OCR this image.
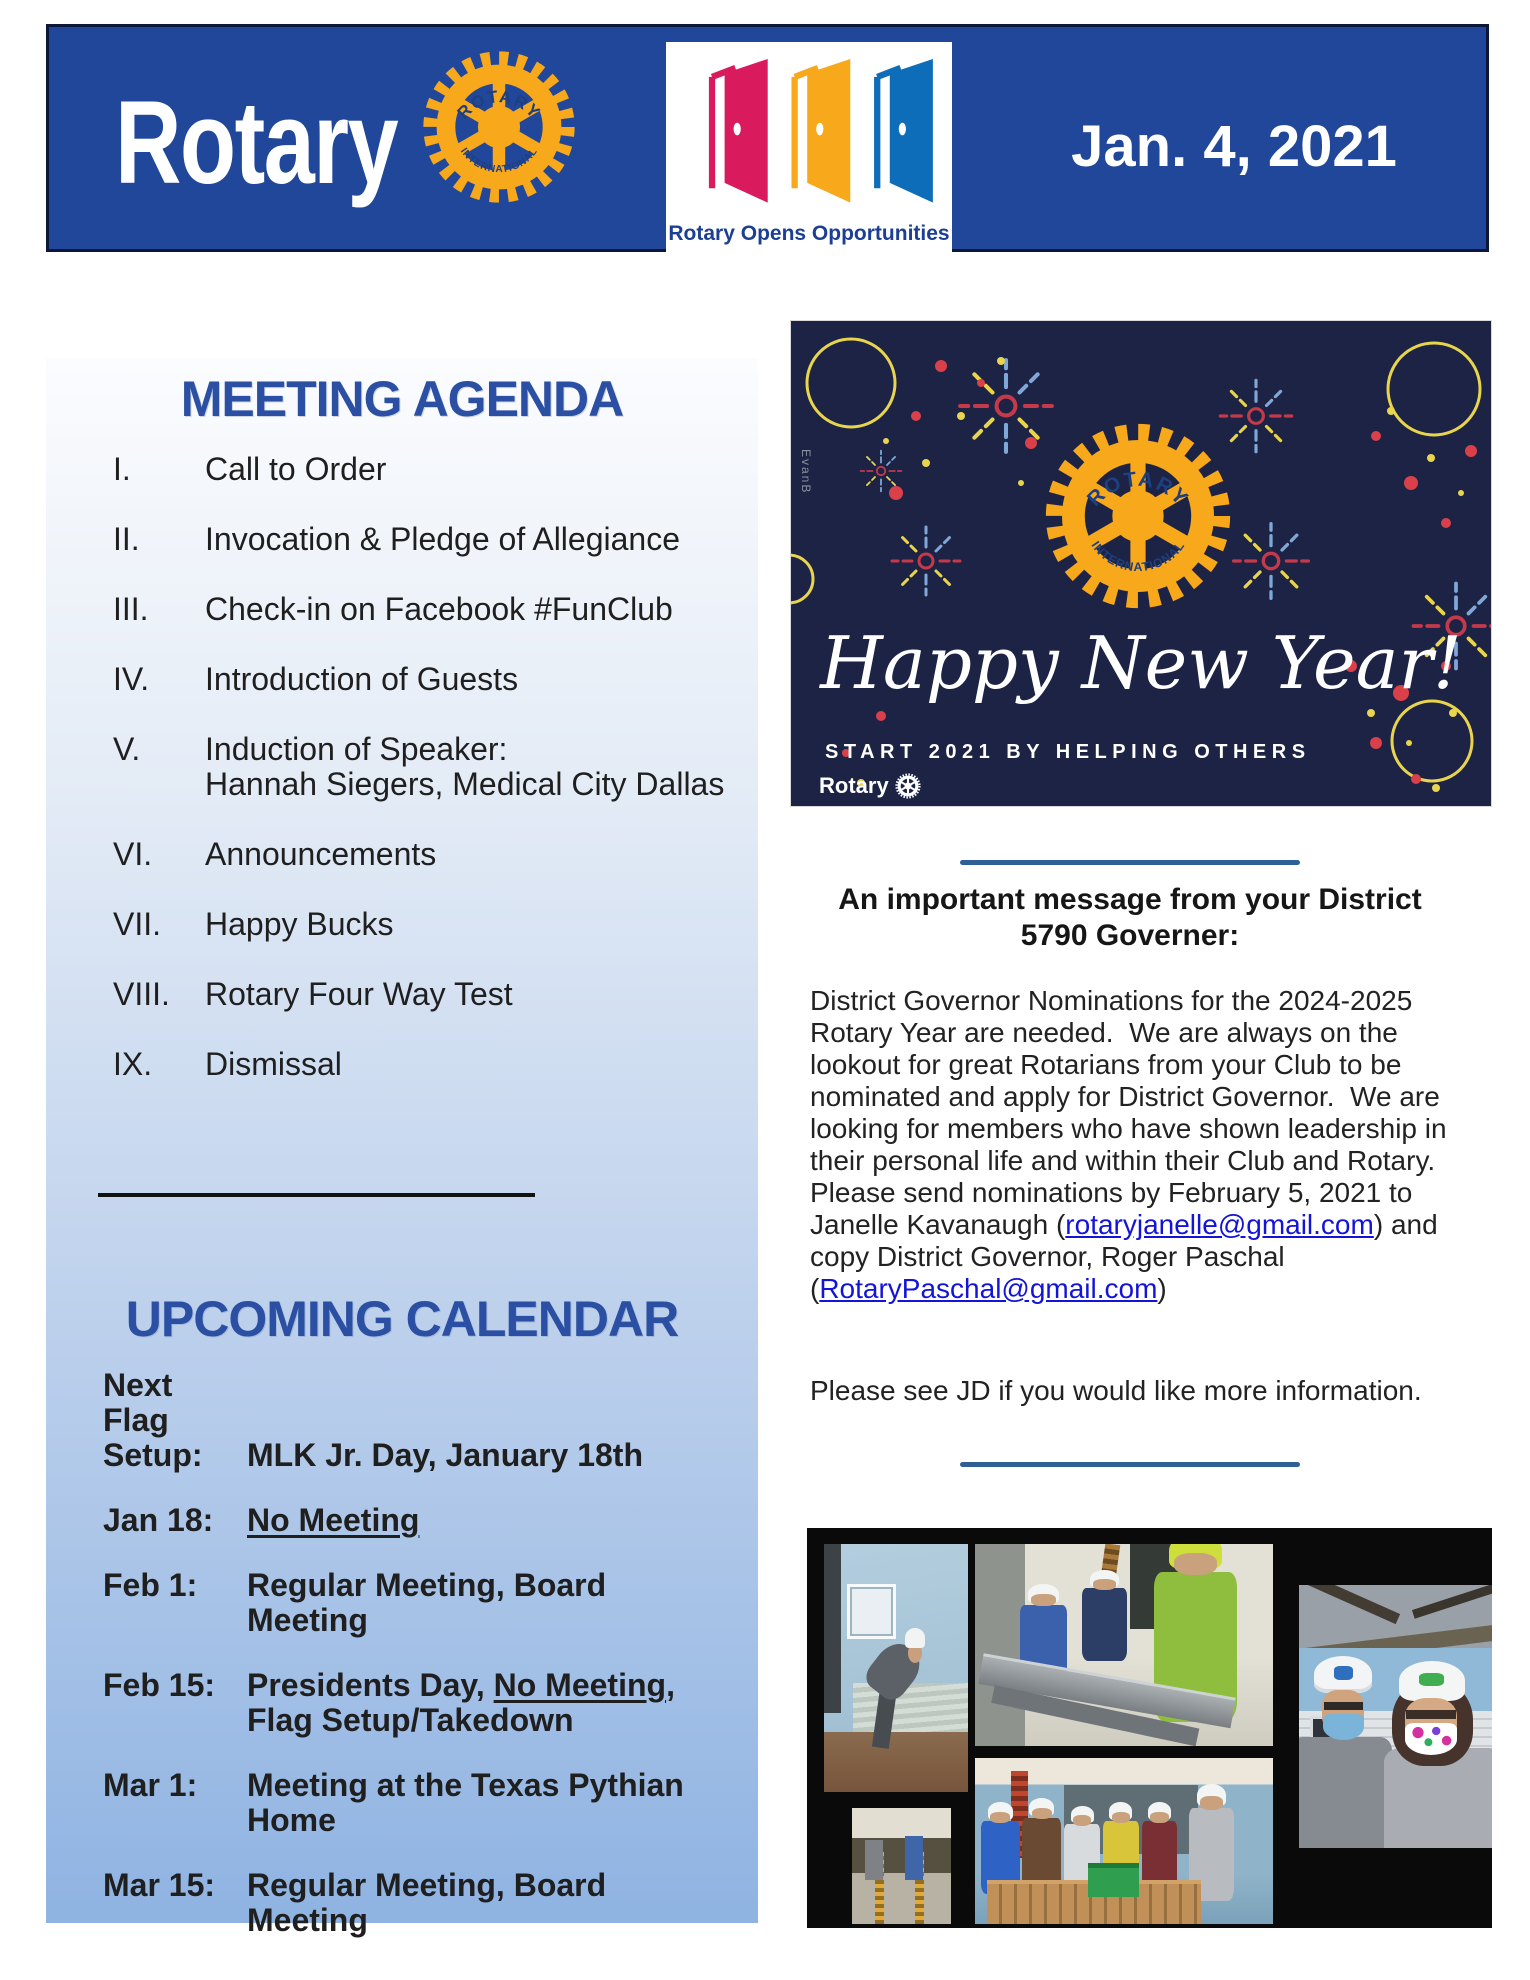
Rotary	ROTARY
INTERNATIONAL
Rotary Opens Opportunities
Jan. 4, 2021
MEETING AGENDA
I.	Call to Order
II.	Invocation & Pledge of Allegiance
III.	Check-in on Facebook #FunClub
IV.	Introduction of Guests
V.	Induction of Speaker:
Hannah Siegers, Medical City Dallas
VI.	Announcements
VII.	Happy Bucks
VIII.	Rotary Four Way Test
IX.	Dismissal
UPCOMING CALENDAR
Next Flag
Setup:	MLK Jr. Day, January 18th
Jan 18:	No Meeting
Feb 1:	Regular Meeting, Board Meeting
Feb 15: Presidents Day, No Meeting, Flag Setup/Takedown
Mar 1:	Meeting at the Texas Pythian Home
Mar 15: Regular Meeting, Board Meeting
ROTARY
INTERNATIONAL
EvanB
Happy New Year!
START 2021 BY HELPING OTHERS
Rotary
An important message from your District
5790 Governer:

District Governor Nominations for the 2024-2025 Rotary Year are needed.  We are always on the lookout for great Rotarians from your Club to be nominated and apply for District Governor.  We are looking for members who have shown leadership in their personal life and within their Club and Rotary.  Please send nominations by February 5, 2021 to Janelle Kavanaugh (rotaryjanelle@gmail.com) and copy District Governor, Roger Paschal (RotaryPaschal@gmail.com)

Please see JD if you would like more information.
